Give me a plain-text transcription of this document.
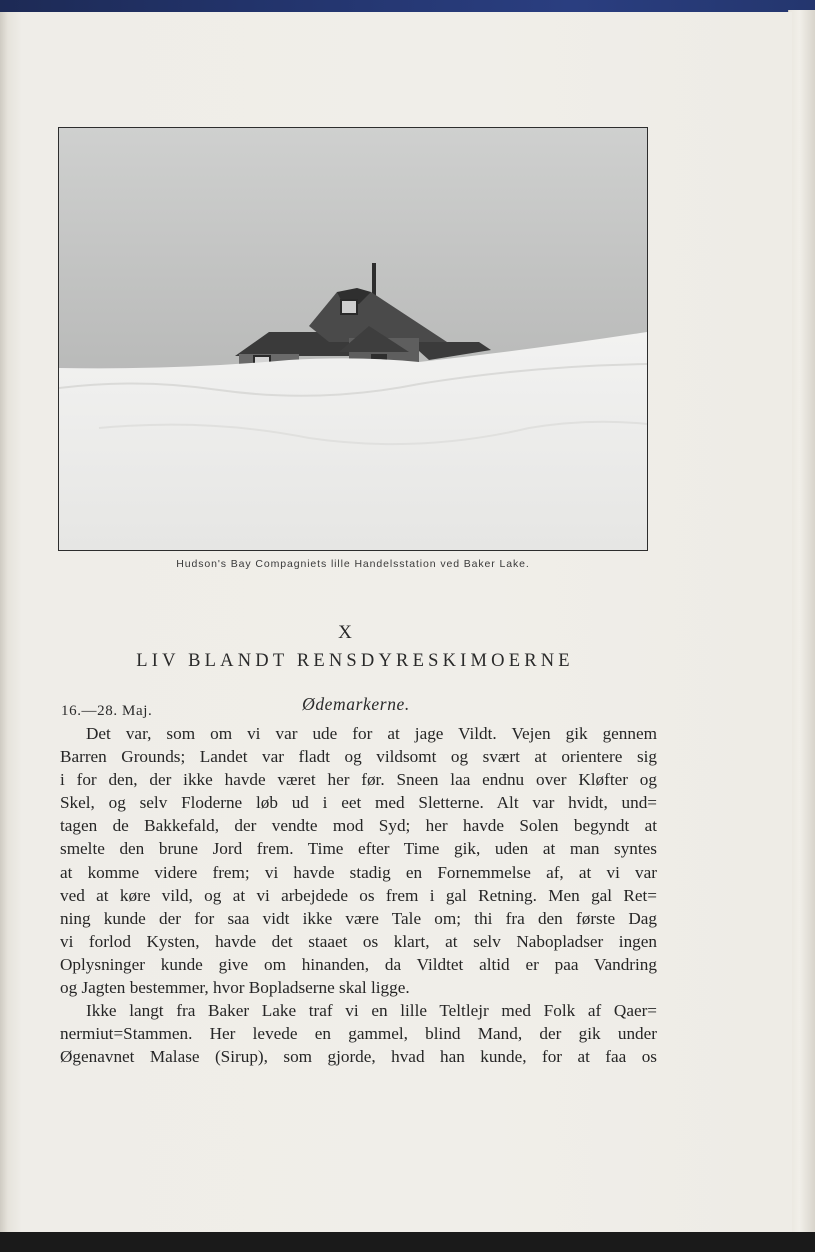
Hudson's Bay Compagniets lille Handelsstation ved Baker Lake.
X
LIV BLANDT RENSDYRESKIMOERNE
Ødemarkerne.
16.—28. Maj.
Det var, som om vi var ude for at jage Vildt. Vejen gik gennem
Barren Grounds; Landet var fladt og vildsomt og svært at orientere sig
i for den, der ikke havde været her før. Sneen laa endnu over Kløfter og
Skel, og selv Floderne løb ud i eet med Sletterne. Alt var hvidt, und=
tagen de Bakkefald, der vendte mod Syd; her havde Solen begyndt at
smelte den brune Jord frem. Time efter Time gik, uden at man syntes
at komme videre frem; vi havde stadig en Fornemmelse af, at vi var
ved at køre vild, og at vi arbejdede os frem i gal Retning. Men gal Ret=
ning kunde der for saa vidt ikke være Tale om; thi fra den første Dag
vi forlod Kysten, havde det staaet os klart, at selv Nabopladser ingen
Oplysninger kunde give om hinanden, da Vildtet altid er paa Vandring
og Jagten bestemmer, hvor Bopladserne skal ligge.
Ikke langt fra Baker Lake traf vi en lille Teltlejr med Folk af Qaer=
nermiut=Stammen. Her levede en gammel, blind Mand, der gik under
Øgenavnet Malase (Sirup), som gjorde, hvad han kunde, for at faa os
